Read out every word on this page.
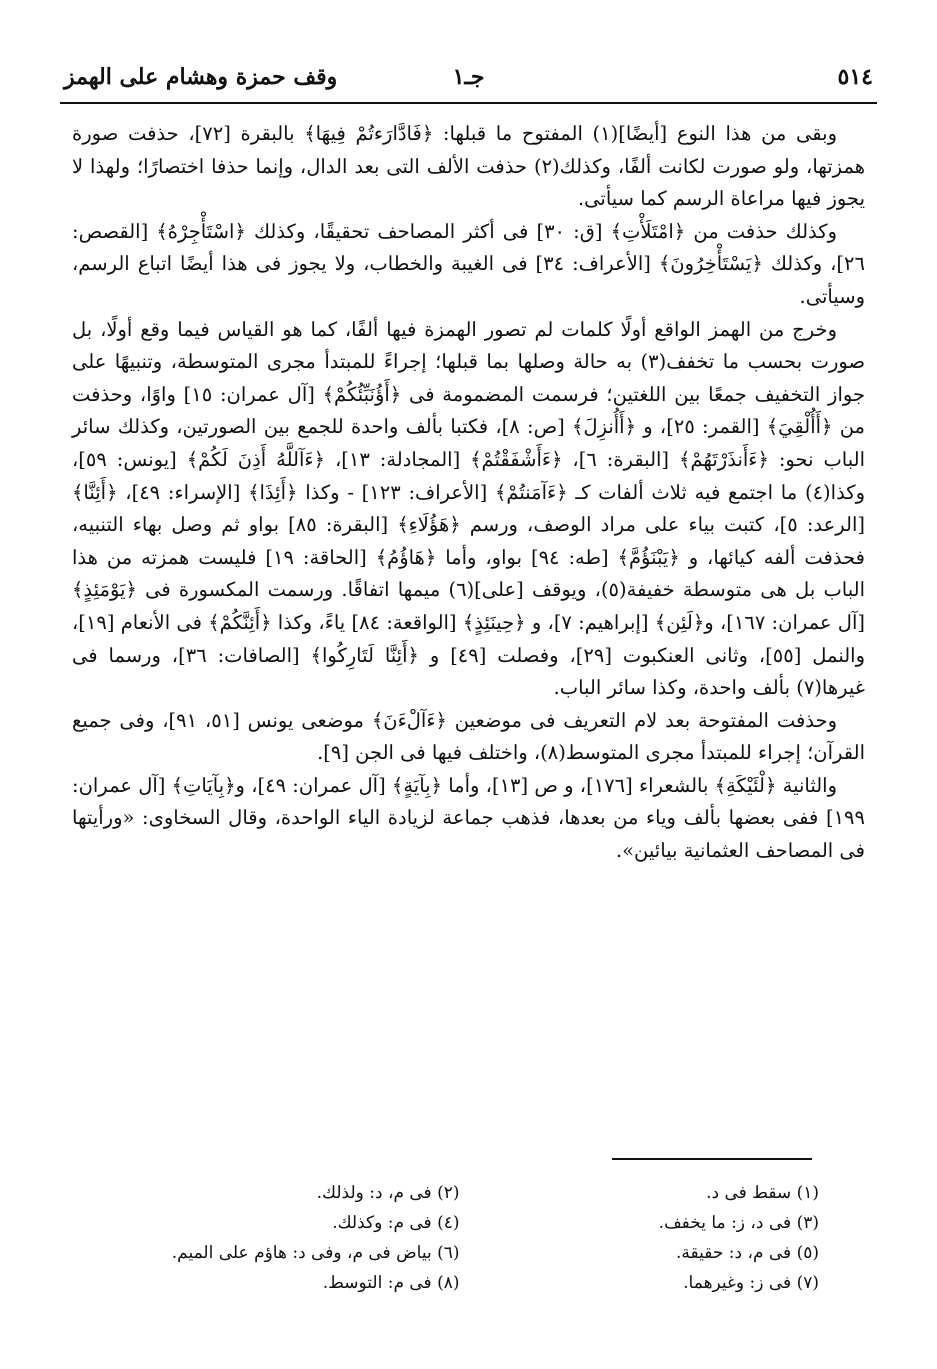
٥١٤
جـ١
وقف حمزة وهشام على الهمز

وبقى من هذا النوع [أيضًا](١) المفتوح ما قبلها: ﴿فَادَّارَءتُمْ فِيهَا﴾ بالبقرة [٧٢]، حذفت صورة همزتها، ولو صورت لكانت ألفًا، وكذلك(٢) حذفت الألف التى بعد الدال، وإنما حذفا اختصارًا؛ ولهذا لا يجوز فيها مراعاة الرسم كما سيأتى.

وكذلك حذفت من ﴿امْتَلَأْتِ﴾ [ق: ٣٠] فى أكثر المصاحف تحقيقًا، وكذلك ﴿اسْتَأْجِرْهُ﴾ [القصص: ٢٦]، وكذلك ﴿يَسْتَأْخِرُونَ﴾ [الأعراف: ٣٤] فى الغيبة والخطاب، ولا يجوز فى هذا أيضًا اتباع الرسم، وسيأتى.

وخرج من الهمز الواقع أولًا كلمات لم تصور الهمزة فيها ألفًا، كما هو القياس فيما وقع أولًا، بل صورت بحسب ما تخفف(٣) به حالة وصلها بما قبلها؛ إجراءً للمبتدأ مجرى المتوسطة، وتنبيهًا على جواز التخفيف جمعًا بين اللغتين؛ فرسمت المضمومة فى ﴿أَؤُنَبِّئُكُمْ﴾ [آل عمران: ١٥] واوًا، وحذفت من ﴿أَأُلْقِيَ﴾ [القمر: ٢٥]، و ﴿أَأُنزِلَ﴾ [ص: ٨]، فكتبا بألف واحدة للجمع بين الصورتين، وكذلك سائر الباب نحو: ﴿ءَأَنذَرْتَهُمْ﴾ [البقرة: ٦]، ﴿ءَأَشْفَقْتُمْ﴾ [المجادلة: ١٣]، ﴿ءَآللَّهُ أَذِنَ لَكُمْ﴾ [يونس: ٥٩]، وكذا(٤) ما اجتمع فيه ثلاث ألفات كـ ﴿ءَآمَنتُمْ﴾ [الأعراف: ١٢٣] - وكذا ﴿أَئِذَا﴾ [الإسراء: ٤٩]، ﴿أَئِنَّا﴾ [الرعد: ٥]، كتبت بياء على مراد الوصف، ورسم ﴿هَؤُلَاءِ﴾ [البقرة: ٨٥] بواو ثم وصل بهاء التنبيه، فحذفت ألفه كيائها، و ﴿يَبْنَؤُمَّ﴾ [طه: ٩٤] بواو، وأما ﴿هَاؤُمُ﴾ [الحاقة: ١٩] فليست همزته من هذا الباب بل هى متوسطة خفيفة(٥)، ويوقف [على](٦) ميمها اتفاقًا. ورسمت المكسورة فى ﴿يَوْمَئِذٍ﴾ [آل عمران: ١٦٧]، و﴿لَئِن﴾ [إبراهيم: ٧]، و ﴿حِينَئِذٍ﴾ [الواقعة: ٨٤] ياءً، وكذا ﴿أَئِنَّكُمْ﴾ فى الأنعام [١٩]، والنمل [٥٥]، وثانى العنكبوت [٢٩]، وفصلت [٤٩] و ﴿أَئِنَّا لَتَارِكُوا﴾ [الصافات: ٣٦]، ورسما فى غيرها(٧) بألف واحدة، وكذا سائر الباب.

وحذفت المفتوحة بعد لام التعريف فى موضعين ﴿ءَآلْءَنَ﴾ موضعى يونس [٥١، ٩١]، وفى جميع القرآن؛ إجراء للمبتدأ مجرى المتوسط(٨)، واختلف فيها فى الجن [٩].

والثانية ﴿لْئَيْكَةِ﴾ بالشعراء [١٧٦]، و ص [١٣]، وأما ﴿بِآيَةٍ﴾ [آل عمران: ٤٩]، و﴿بِآيَاتِ﴾ [آل عمران: ١٩٩] ففى بعضها بألف وياء من بعدها، فذهب جماعة لزيادة الياء الواحدة، وقال السخاوى: «ورأيتها فى المصاحف العثمانية بيائين».

(١) سقط فى د.
(٢) فى م، د: ولذلك.
(٣) فى د، ز: ما يخفف.
(٤) فى م: وكذلك.
(٥) فى م، د: حقيقة.
(٦) بياض فى م، وفى د: هاؤم على الميم.
(٧) فى ز: وغيرهما.
(٨) فى م: التوسط.
